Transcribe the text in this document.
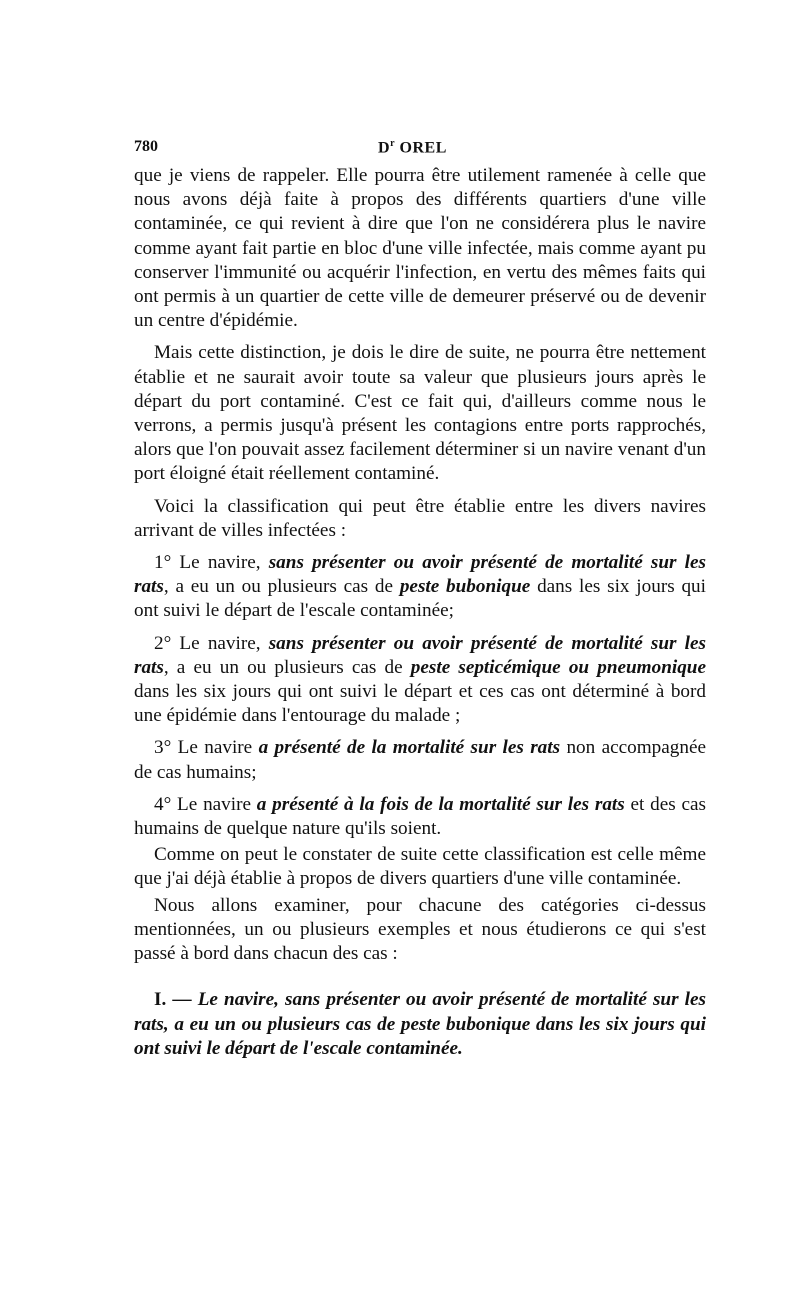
780	$D^r$ OREL

que je viens de rappeler. Elle pourra être utilement ramenée à celle que nous avons déjà faite à propos des différents quartiers d'une ville contaminée, ce qui revient à dire que l'on ne considérera plus le navire comme ayant fait partie en bloc d'une ville infectée, mais comme ayant pu conserver l'immunité ou acquérir l'infection, en vertu des mêmes faits qui ont permis à un quartier de cette ville de demeurer préservé ou de devenir un centre d'épidémie.

Mais cette distinction, je dois le dire de suite, ne pourra être nettement établie et ne saurait avoir toute sa valeur que plusieurs jours après le départ du port contaminé. C'est ce fait qui, d'ailleurs comme nous le verrons, a permis jusqu'à présent les contagions entre ports rapprochés, alors que l'on pouvait assez facilement déterminer si un navire venant d'un port éloigné était réellement contaminé.

Voici la classification qui peut être établie entre les divers navires arrivant de villes infectées :

1° Le navire, sans présenter ou avoir présenté de mortalité sur les rats, a eu un ou plusieurs cas de peste bubonique dans les six jours qui ont suivi le départ de l'escale contaminée;

2° Le navire, sans présenter ou avoir présenté de mortalité sur les rats, a eu un ou plusieurs cas de peste septicémique ou pneumonique dans les six jours qui ont suivi le départ et ces cas ont déterminé à bord une épidémie dans l'entourage du malade ;

3° Le navire a présenté de la mortalité sur les rats non accompagnée de cas humains;

4° Le navire a présenté à la fois de la mortalité sur les rats et des cas humains de quelque nature qu'ils soient.

Comme on peut le constater de suite cette classification est celle même que j'ai déjà établie à propos de divers quartiers d'une ville contaminée.

Nous allons examiner, pour chacune des catégories ci-dessus mentionnées, un ou plusieurs exemples et nous étudierons ce qui s'est passé à bord dans chacun des cas :

I. — Le navire, sans présenter ou avoir présenté de mortalité sur les rats, a eu un ou plusieurs cas de peste bubonique dans les six jours qui ont suivi le départ de l'escale contaminée.
